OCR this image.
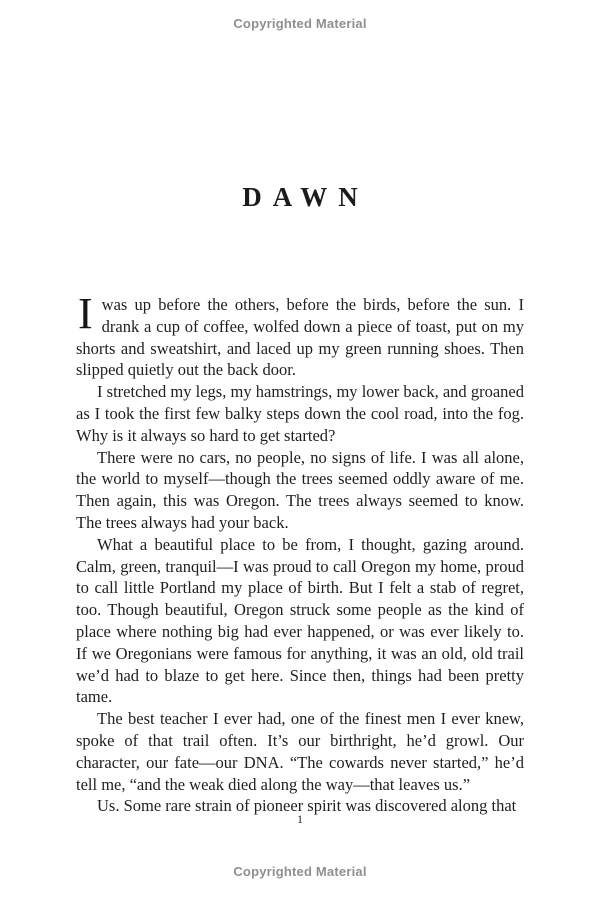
Copyrighted Material
DAWN

Iwas up before the others, before the birds, before the sun. I drank a cup of coffee, wolfed down a piece of toast, put on my shorts and sweatshirt, and laced up my green running shoes. Then slipped quietly out the back door.

I stretched my legs, my hamstrings, my lower back, and groaned as I took the first few balky steps down the cool road, into the fog. Why is it always so hard to get started?

There were no cars, no people, no signs of life. I was all alone, the world to myself—though the trees seemed oddly aware of me. Then again, this was Oregon. The trees always seemed to know. The trees always had your back.

What a beautiful place to be from, I thought, gazing around. Calm, green, tranquil—I was proud to call Oregon my home, proud to call little Portland my place of birth. But I felt a stab of regret, too. Though beautiful, Oregon struck some people as the kind of place where nothing big had ever happened, or was ever likely to. If we Oregonians were famous for anything, it was an old, old trail we’d had to blaze to get here. Since then, things had been pretty tame.

The best teacher I ever had, one of the finest men I ever knew, spoke of that trail often. It’s our birthright, he’d growl. Our character, our fate—our DNA. “The cowards never started,” he’d tell me, “and the weak died along the way—that leaves us.”

Us. Some rare strain of pioneer spirit was discovered along that

1
Copyrighted Material
